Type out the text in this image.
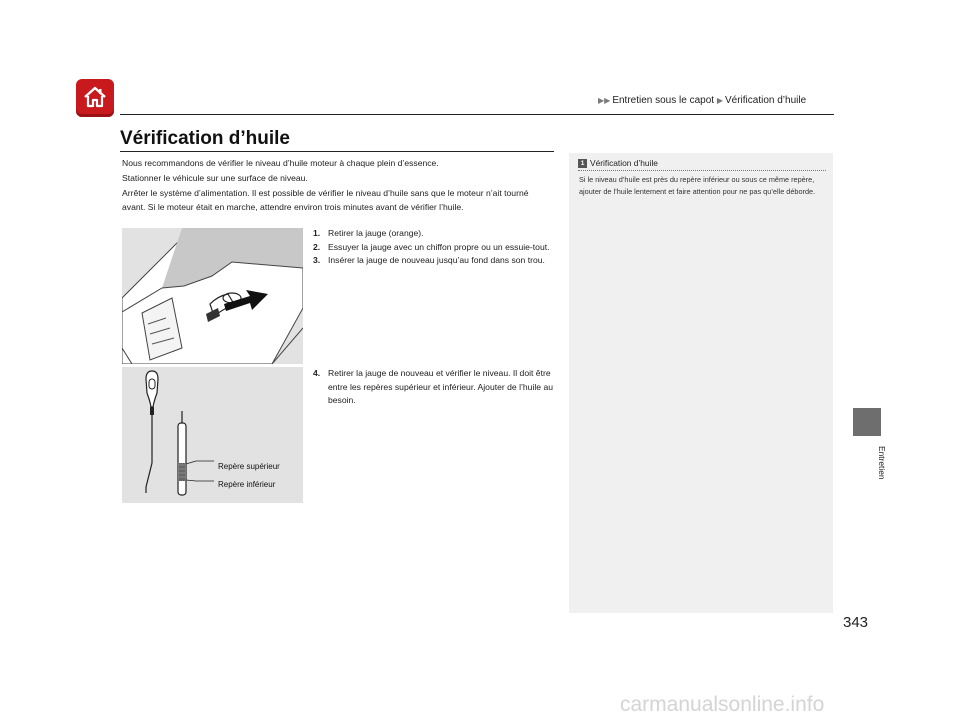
▶▶ Entretien sous le capot ▶ Vérification d’huile
Vérification d’huile

Nous recommandons de vérifier le niveau d’huile moteur à chaque plein d’essence.

Stationner le véhicule sur une surface de niveau.

Arrêter le système d’alimentation. Il est possible de vérifier le niveau d’huile sans que le moteur n’ait tourné avant. Si le moteur était en marche, attendre environ trois minutes avant de vérifier l’huile.

1. Retirer la jauge (orange).
2. Essuyer la jauge avec un chiffon propre ou un essuie-tout.
3. Insérer la jauge de nouveau jusqu’au fond dans son trou.
Repère supérieur
Repère inférieur
4. Retirer la jauge de nouveau et vérifier le niveau. Il doit être entre les repères supérieur et inférieur. Ajouter de l’huile au besoin.
1 Vérification d’huile
Si le niveau d’huile est près du repère inférieur ou sous ce même repère, ajouter de l’huile lentement et faire attention pour ne pas qu’elle déborde.
Entretien
343
carmanualsonline.info
